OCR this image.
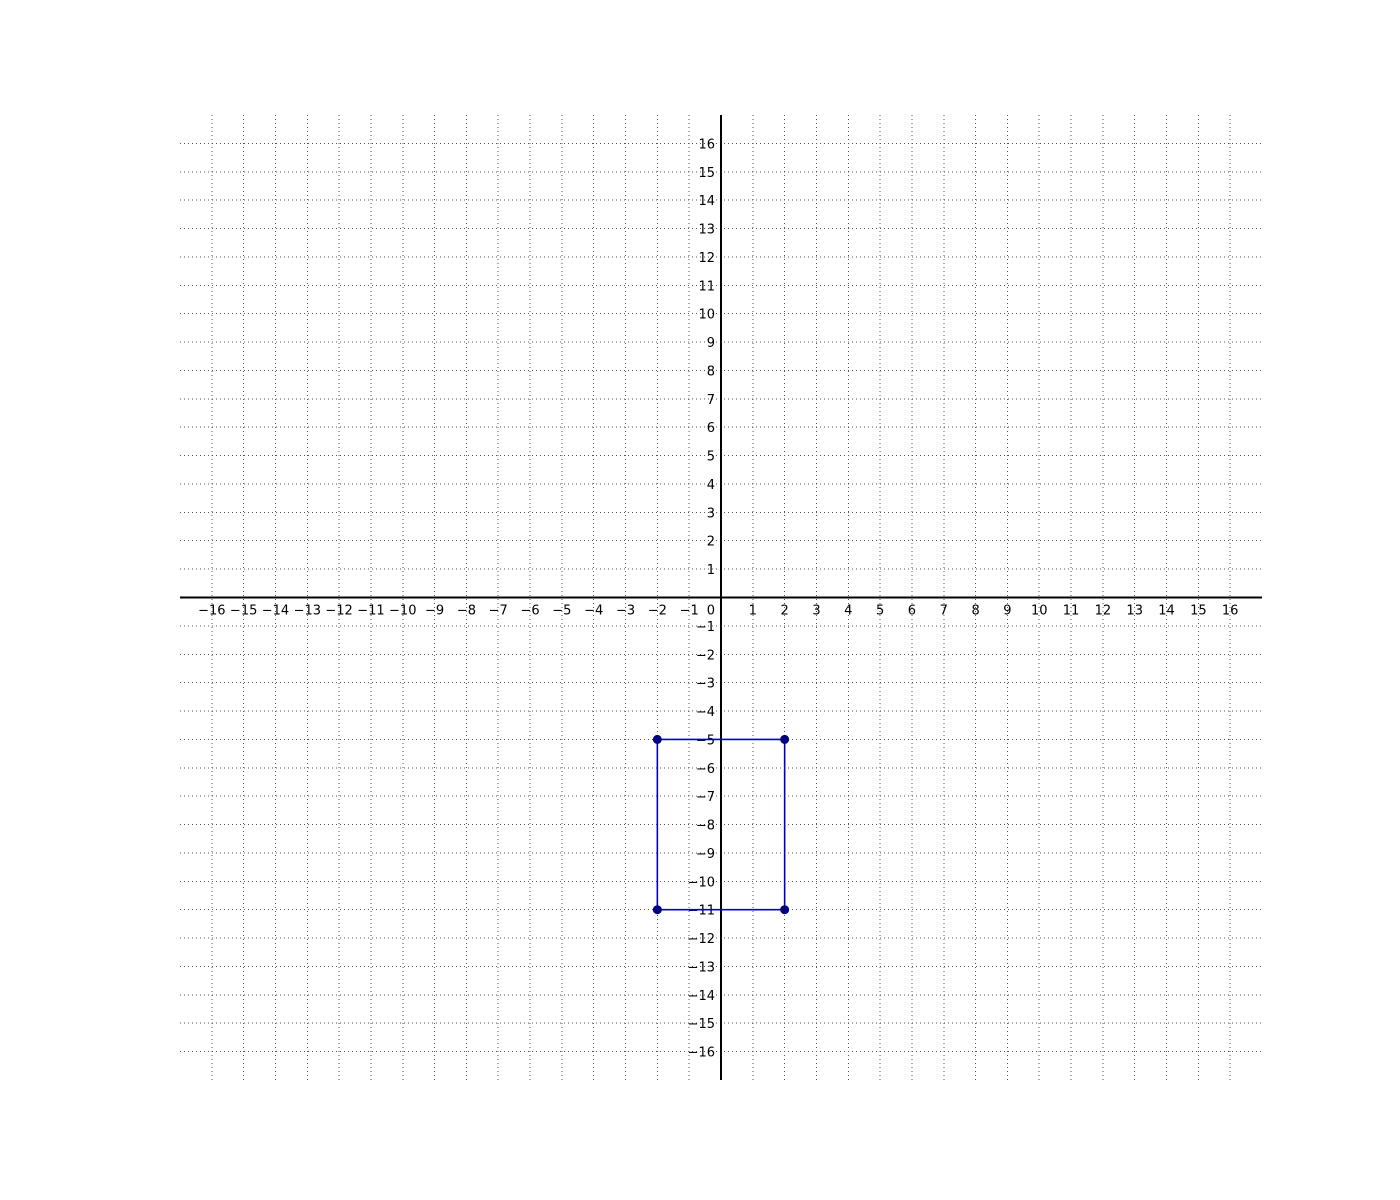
−16 −15 −14 −13 −12 −11 −10 −9 −8 −7 −6 −5 −4 −3 −2 −1 0	1 2 3 4 5 6 7 8 9 10 11 12 13 14 15 16
−16
−15
−14
−13
−12
−11
−10
−9
−8
−7
−6
−5
−4
−3
−2
−1
1
2
3
4
5
6
7
8
9
10
11
12
13
14
15
16
